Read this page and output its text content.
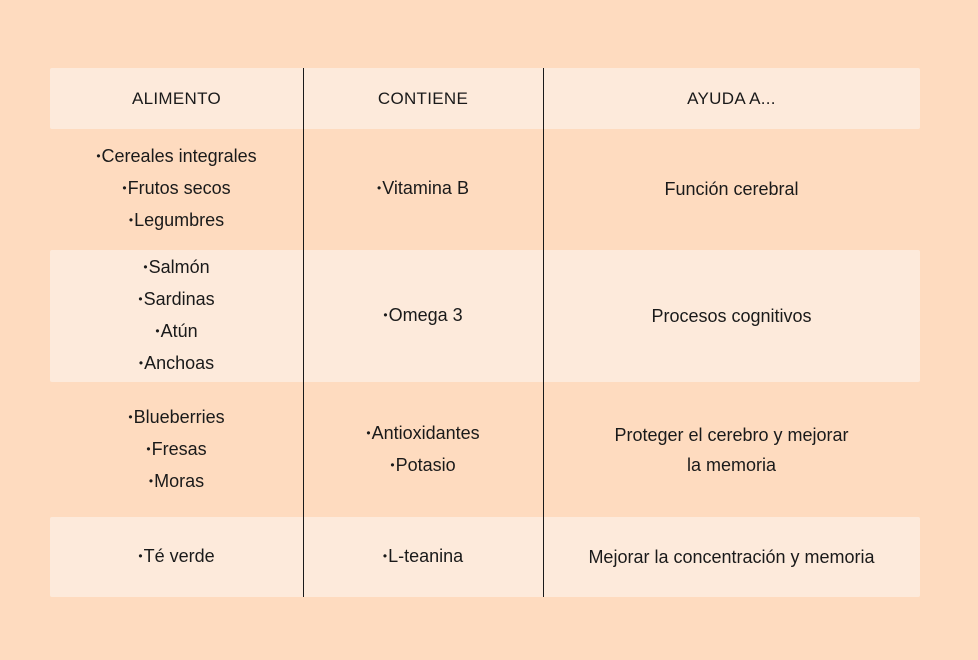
ALIMENTO	CONTIENE	AYUDA A...
• Cereales integrales
• Frutos secos
• Legumbres
• Vitamina B	Función cerebral
• Salmón
• Sardinas
• Atún
• Anchoas
• Omega 3	Procesos cognitivos
• Blueberries
• Fresas
• Moras
• Antioxidantes
• Potasio
Proteger el cerebro y mejorar
la memoria
• Té verde
•	L-teanina	Mejorar la concentración y memoria
